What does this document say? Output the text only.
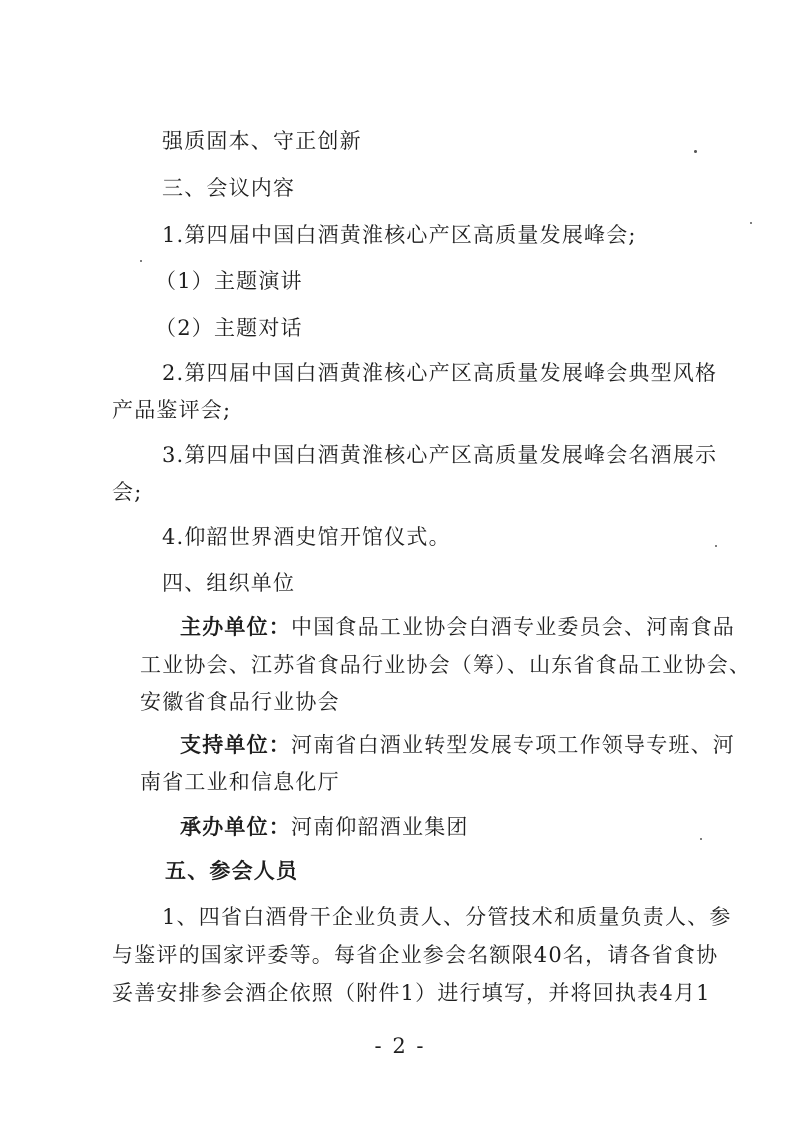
强质固本、守正创新
三、会议内容
1.第四届中国白酒黄淮核心产区高质量发展峰会;
（1）主题演讲
（2）主题对话
2.第四届中国白酒黄淮核心产区高质量发展峰会典型风格
产品鉴评会;
3.第四届中国白酒黄淮核心产区高质量发展峰会名酒展示
会;
4.仰韶世界酒史馆开馆仪式。
四、组织单位
主办单位：中国食品工业协会白酒专业委员会、河南食品
工业协会、江苏省食品行业协会（筹）、山东省食品工业协会、
安徽省食品行业协会
支持单位：河南省白酒业转型发展专项工作领导专班、河
南省工业和信息化厅
承办单位：河南仰韶酒业集团
五、参会人员
1、四省白酒骨干企业负责人、分管技术和质量负责人、参
与鉴评的国家评委等。每省企业参会名额限40名，请各省食协
妥善安排参会酒企依照（附件1）进行填写，并将回执表4月1
- 2 -
